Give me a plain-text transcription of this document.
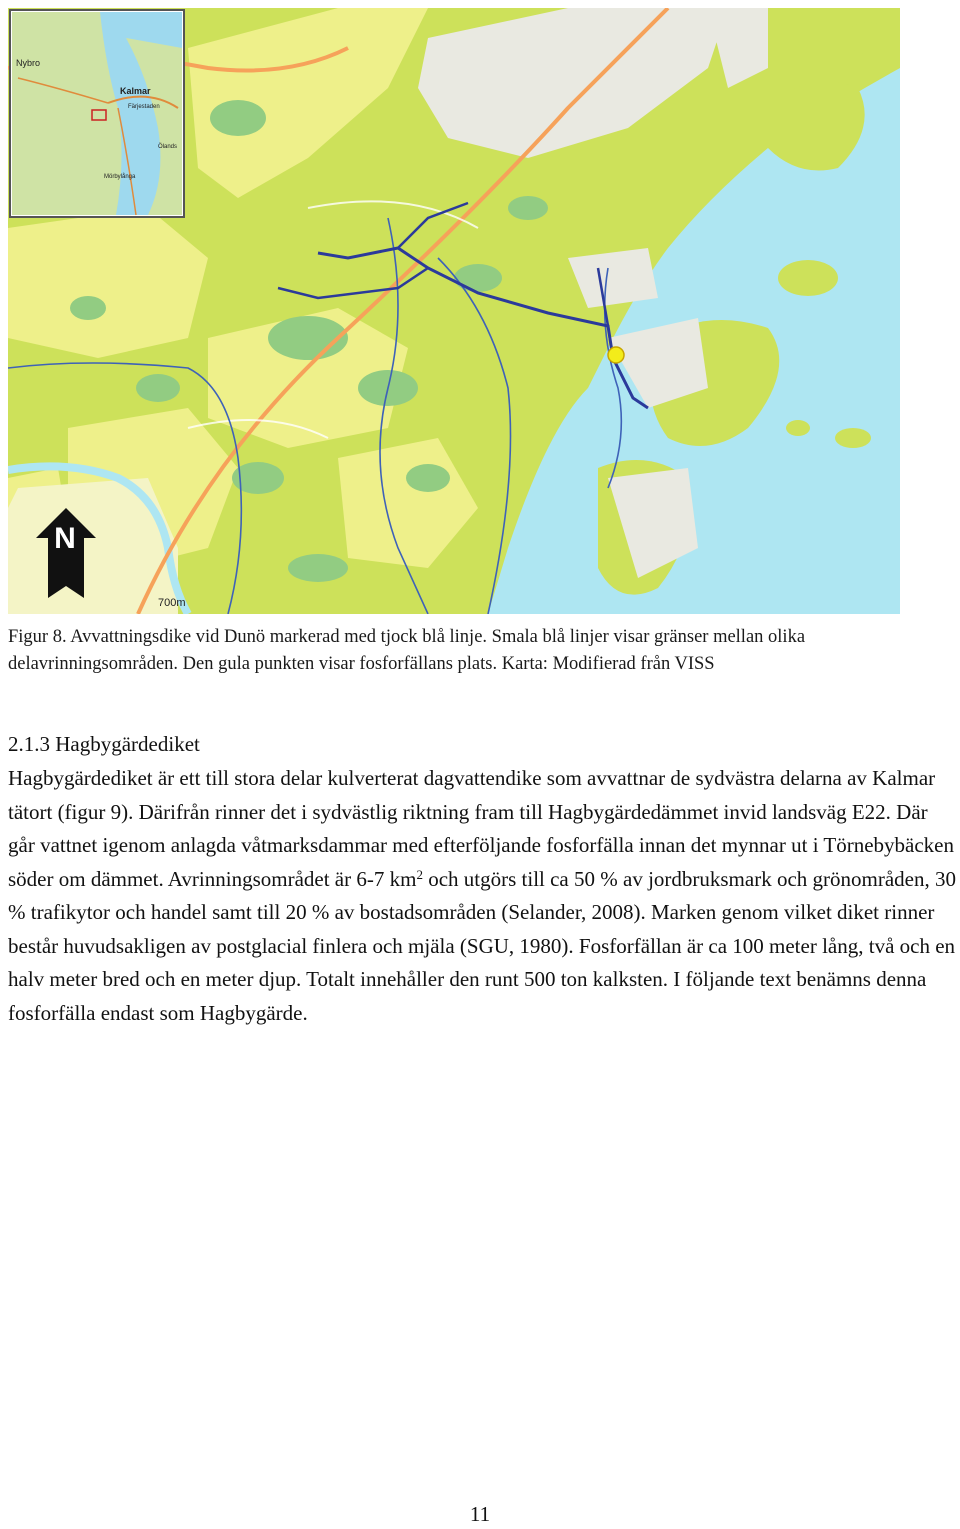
Nybro
Kalmar
Färjestaden
Mörbylånga
Ölands
N
700m
Figur 8. Avvattningsdike vid Dunö markerad med tjock blå linje. Smala blå linjer visar gränser mellan olika delavrinningsområden. Den gula punkten visar fosforfällans plats. Karta: Modifierad från VISS
2.1.3 Hagbygärdediket
Hagbygärdediket är ett till stora delar kulverterat dagvattendike som avvattnar de sydvästra delarna av Kalmar tätort (figur 9). Därifrån rinner det i sydvästlig riktning fram till Hagbygärdedämmet invid landsväg E22. Där går vattnet igenom anlagda våtmarksdammar med efterföljande fosforfälla innan det mynnar ut i Törnebybäcken söder om dämmet. Avrinningsområdet är 6-7 $km^2$ och utgörs till ca 50 % av jordbruksmark och grönområden, 30 % trafikytor och handel samt till 20 % av bostadsområden (Selander, 2008). Marken genom vilket diket rinner består huvudsakligen av postglacial finlera och mjäla (SGU, 1980). Fosforfällan är ca 100 meter lång, två och en halv meter bred och en meter djup. Totalt innehåller den runt 500 ton kalksten. I följande text benämns denna fosforfälla endast som Hagbygärde.
11
